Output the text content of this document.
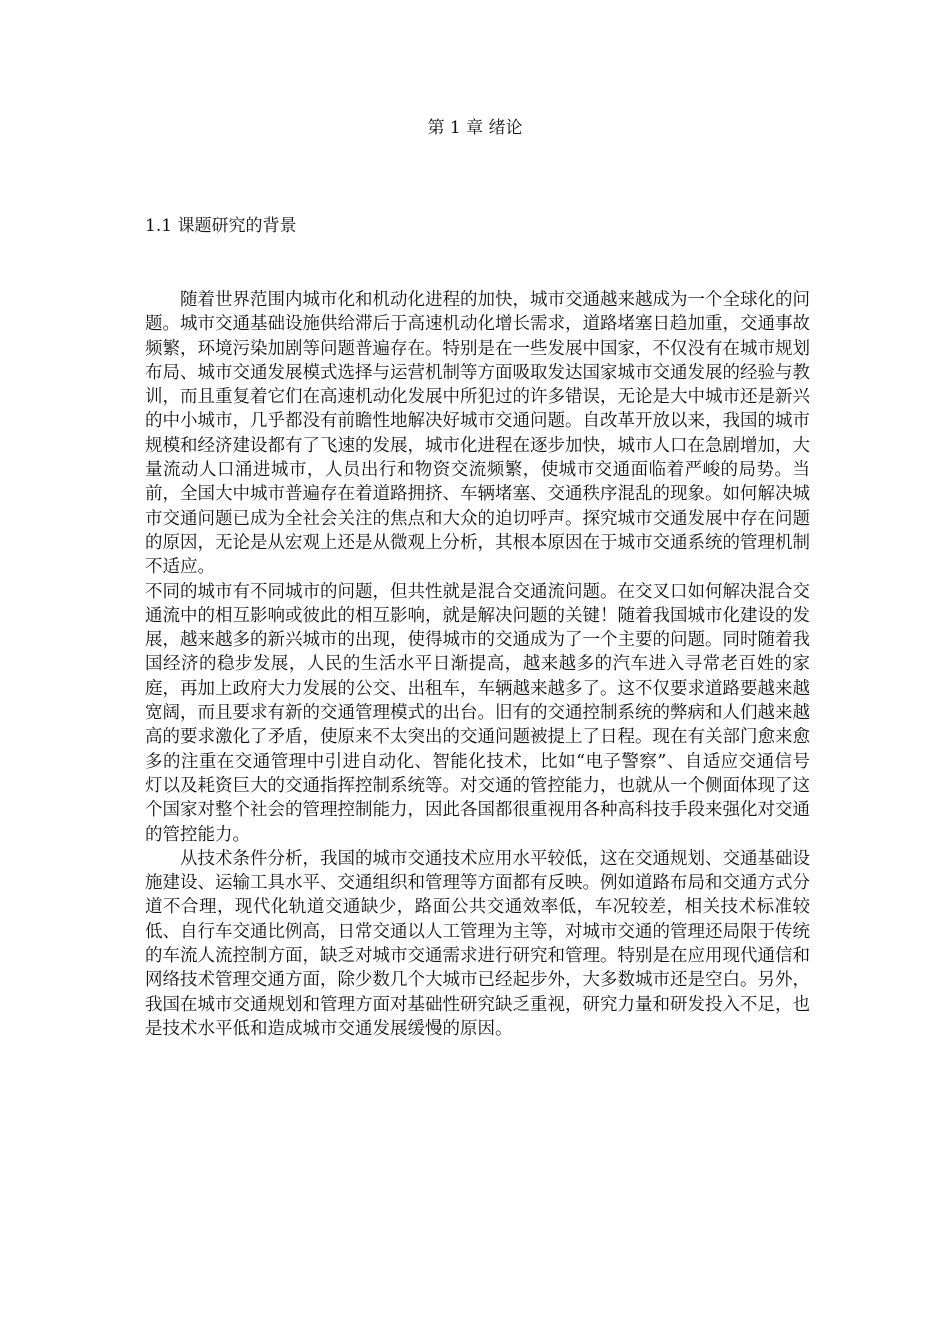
第 1 章 绪论
1.1 课题研究的背景

随着世界范围内城市化和机动化进程的加快，城市交通越来越成为一个全球化的问题。城市交通基础设施供给滞后于高速机动化增长需求，道路堵塞日趋加重，交通事故频繁，环境污染加剧等问题普遍存在。特别是在一些发展中国家，不仅没有在城市规划布局、城市交通发展模式选择与运营机制等方面吸取发达国家城市交通发展的经验与教训，而且重复着它们在高速机动化发展中所犯过的许多错误，无论是大中城市还是新兴的中小城市，几乎都没有前瞻性地解决好城市交通问题。自改革开放以来，我国的城市规模和经济建设都有了飞速的发展，城市化进程在逐步加快，城市人口在急剧增加，大量流动人口涌进城市，人员出行和物资交流频繁，使城市交通面临着严峻的局势。当前，全国大中城市普遍存在着道路拥挤、车辆堵塞、交通秩序混乱的现象。如何解决城市交通问题已成为全社会关注的焦点和大众的迫切呼声。探究城市交通发展中存在问题的原因，无论是从宏观上还是从微观上分析，其根本原因在于城市交通系统的管理机制不适应。

不同的城市有不同城市的问题，但共性就是混合交通流问题。在交叉口如何解决混合交通流中的相互影响或彼此的相互影响，就是解决问题的关键！随着我国城市化建设的发展，越来越多的新兴城市的出现，使得城市的交通成为了一个主要的问题。同时随着我国经济的稳步发展，人民的生活水平日渐提高，越来越多的汽车进入寻常老百姓的家庭，再加上政府大力发展的公交、出租车，车辆越来越多了。这不仅要求道路要越来越宽阔，而且要求有新的交通管理模式的出台。旧有的交通控制系统的弊病和人们越来越高的要求激化了矛盾，使原来不太突出的交通问题被提上了日程。现在有关部门愈来愈多的注重在交通管理中引进自动化、智能化技术，比如“电子警察”、自适应交通信号灯以及耗资巨大的交通指挥控制系统等。对交通的管控能力，也就从一个侧面体现了这个国家对整个社会的管理控制能力，因此各国都很重视用各种高科技手段来强化对交通的管控能力。

从技术条件分析，我国的城市交通技术应用水平较低，这在交通规划、交通基础设施建设、运输工具水平、交通组织和管理等方面都有反映。例如道路布局和交通方式分道不合理，现代化轨道交通缺少，路面公共交通效率低，车况较差，相关技术标准较低、自行车交通比例高，日常交通以人工管理为主等，对城市交通的管理还局限于传统的车流人流控制方面，缺乏对城市交通需求进行研究和管理。特别是在应用现代通信和网络技术管理交通方面，除少数几个大城市已经起步外，大多数城市还是空白。另外，我国在城市交通规划和管理方面对基础性研究缺乏重视，研究力量和研发投入不足，也是技术水平低和造成城市交通发展缓慢的原因。
